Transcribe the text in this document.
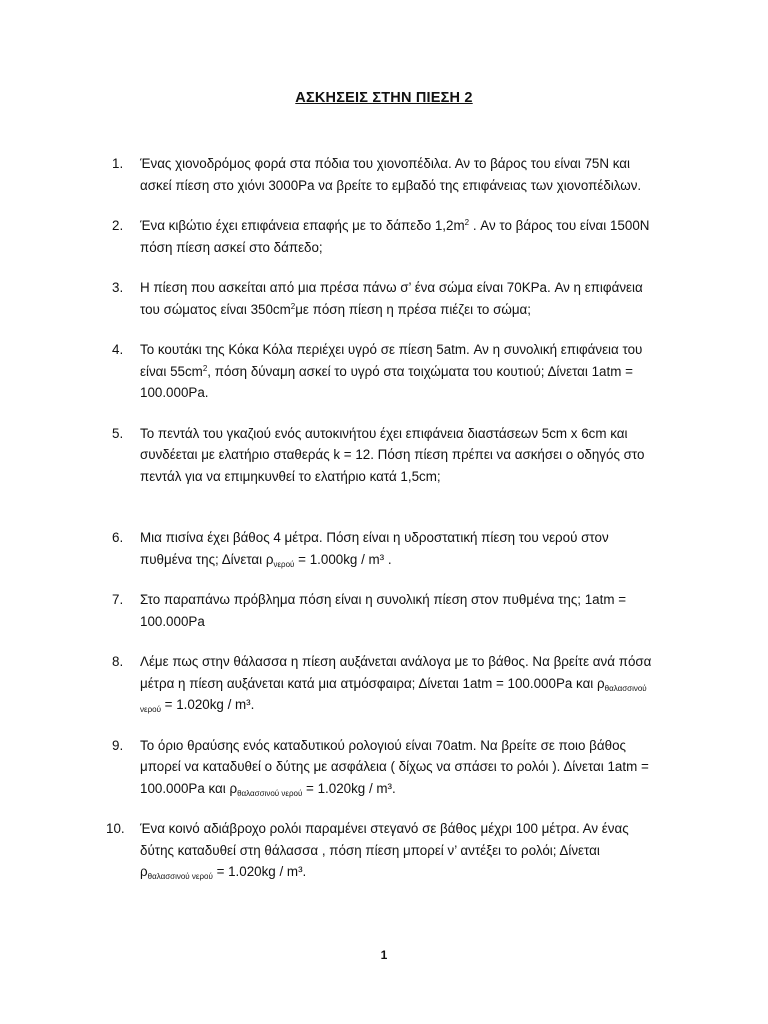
ΑΣΚΗΣΕΙΣ ΣΤΗΝ ΠΙΕΣΗ 2
1.	Ένας χιονοδρόμος φορά στα πόδια του χιονοπέδιλα. Αν το βάρος του είναι 75Ν και ασκεί πίεση στο χιόνι 3000Pa να βρείτε το εμβαδό της επιφάνειας των χιονοπέδιλων.
2.	Ένα κιβώτιο έχει επιφάνεια επαφής με το δάπεδο $1,2m^2$ . Αν το βάρος του είναι 1500Ν πόση πίεση ασκεί στο δάπεδο;
3.	Η πίεση που ασκείται από μια πρέσα πάνω σ’ ένα σώμα είναι 70ΚPa. Αν η επιφάνεια του σώματος είναι $350cm^2\mu\varepsilon$ πόση πίεση η πρέσα πιέζει το σώμα;
4.	Το κουτάκι της Κόκα Κόλα περιέχει υγρό σε πίεση 5atm. Αν η συνολική επιφάνεια του είναι $55cm^2$, πόση δύναμη ασκεί το υγρό στα τοιχώματα του κουτιού; Δίνεται 1atm = 100.000Pa.
5.	Το πεντάλ του γκαζιού ενός αυτοκινήτου έχει επιφάνεια διαστάσεων 5cm x 6cm και συνδέεται με ελατήριο σταθεράς k = 12. Πόση πίεση πρέπει να ασκήσει ο οδηγός στο πεντάλ για να επιμηκυνθεί το ελατήριο κατά 1,5cm;
6.	Μια πισίνα έχει βάθος 4 μέτρα. Πόση είναι η υδροστατική πίεση του νερού στον πυθμένα της; Δίνεται $\rho_{\nu\varepsilon\rho oύ} = 1.000kg / m^3$ .
7.	Στο παραπάνω πρόβλημα πόση είναι η συνολική πίεση στον πυθμένα της; 1atm = 100.000Pa
8.	Λέμε πως στην θάλασσα η πίεση αυξάνεται ανάλογα με το βάθος. Να βρείτε ανά πόσα μέτρα η πίεση αυξάνεται κατά μια ατμόσφαιρα; Δίνεται 1atm = 100.000Pa και $\rho_{\theta\alpha\lambda\alpha\sigma\sigma\iota\nu oύ \nu\varepsilon\rho oύ} = 1.020kg / m^3$.
9.	Το όριο θραύσης ενός καταδυτικού ρολογιού είναι 70atm. Να βρείτε σε ποιο βάθος μπορεί να καταδυθεί ο δύτης με ασφάλεια ( δίχως να σπάσει το ρολόι ). Δίνεται 1atm = 100.000Pa και $\rho_{\theta\alpha\lambda\alpha\sigma\sigma\iota\nu oύ \nu\varepsilon\rho oύ} = 1.020kg / m^3$.
10.	Ένα κοινό αδιάβροχο ρολόι παραμένει στεγανό σε βάθος μέχρι 100 μέτρα. Αν ένας δύτης καταδυθεί στη θάλασσα , πόση πίεση μπορεί ν’ αντέξει το ρολόι; Δίνεται $\rho_{\theta\alpha\lambda\alpha\sigma\sigma\iota\nu oύ \nu\varepsilon\rho oύ} = 1.020kg / m^3$.
1
